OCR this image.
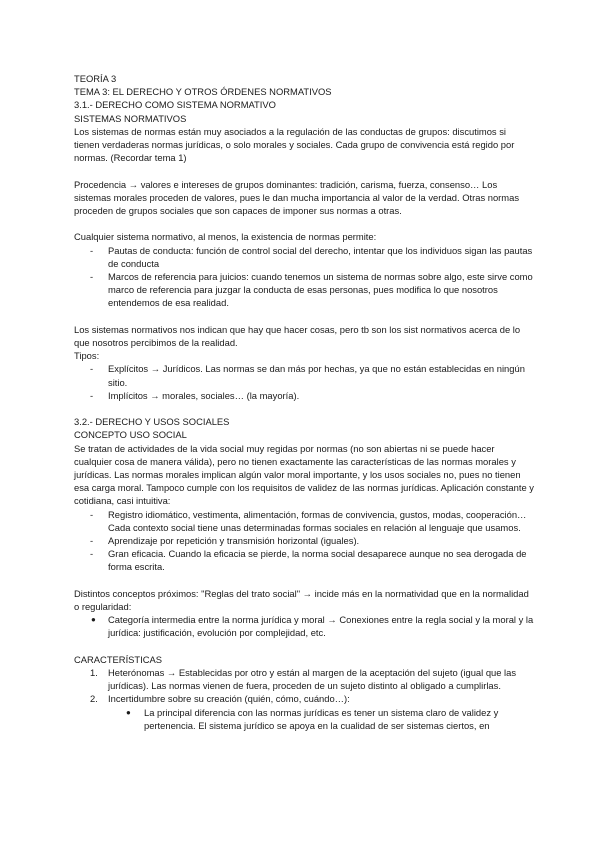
TEORÍA 3

TEMA 3: EL DERECHO Y OTROS ÓRDENES NORMATIVOS

3.1.- DERECHO COMO SISTEMA NORMATIVO

SISTEMAS NORMATIVOS

Los sistemas de normas están muy asociados a la regulación de las conductas de grupos: discutimos si tienen verdaderas normas jurídicas, o solo morales y sociales. Cada grupo de convivencia está regido por normas. (Recordar tema 1)

Procedencia → valores e intereses de grupos dominantes: tradición, carisma, fuerza, consenso… Los sistemas morales proceden de valores, pues le dan mucha importancia al valor de la verdad. Otras normas proceden de grupos sociales que son capaces de imponer sus normas a otras.

Cualquier sistema normativo, al menos, la existencia de normas permite:

- Pautas de conducta: función de control social del derecho, intentar que los individuos sigan las pautas de conducta
- Marcos de referencia para juicios: cuando tenemos un sistema de normas sobre algo, este sirve como marco de referencia para juzgar la conducta de esas personas, pues modifica lo que nosotros entendemos de esa realidad.

Los sistemas normativos nos indican que hay que hacer cosas, pero tb son los sist normativos acerca de lo que nosotros percibimos de la realidad.

Tipos:

- Explícitos → Jurídicos. Las normas se dan más por hechas, ya que no están establecidas en ningún sitio.
- Implícitos → morales, sociales… (la mayoría).

3.2.- DERECHO Y USOS SOCIALES

CONCEPTO USO SOCIAL

Se tratan de actividades de la vida social muy regidas por normas (no son abiertas ni se puede hacer cualquier cosa de manera válida), pero no tienen exactamente las características de las normas morales y jurídicas. Las normas morales implican algún valor moral importante, y los usos sociales no, pues no tienen esa carga moral. Tampoco cumple con los requisitos de validez de las normas jurídicas. Aplicación constante y cotidiana, casi intuitiva:

- Registro idiomático, vestimenta, alimentación, formas de convivencia, gustos, modas, cooperación… Cada contexto social tiene unas determinadas formas sociales en relación al lenguaje que usamos.
- Aprendizaje por repetición y transmisión horizontal (iguales).
- Gran eficacia. Cuando la eficacia se pierde, la norma social desaparece aunque no sea derogada de forma escrita.

Distintos conceptos próximos: "Reglas del trato social" → incide más en la normatividad que en la normalidad o regularidad:

● Categoría intermedia entre la norma jurídica y moral → Conexiones entre la regla social y la moral y la jurídica: justificación, evolución por complejidad, etc.

CARACTERÍSTICAS

1. Heterónomas → Establecidas por otro y están al margen de la aceptación del sujeto (igual que las jurídicas). Las normas vienen de fuera, proceden de un sujeto distinto al obligado a cumplirlas.
2. Incertidumbre sobre su creación (quién, cómo, cuándo…):
● La principal diferencia con las normas jurídicas es tener un sistema claro de validez y pertenencia. El sistema jurídico se apoya en la cualidad de ser sistemas ciertos, en
